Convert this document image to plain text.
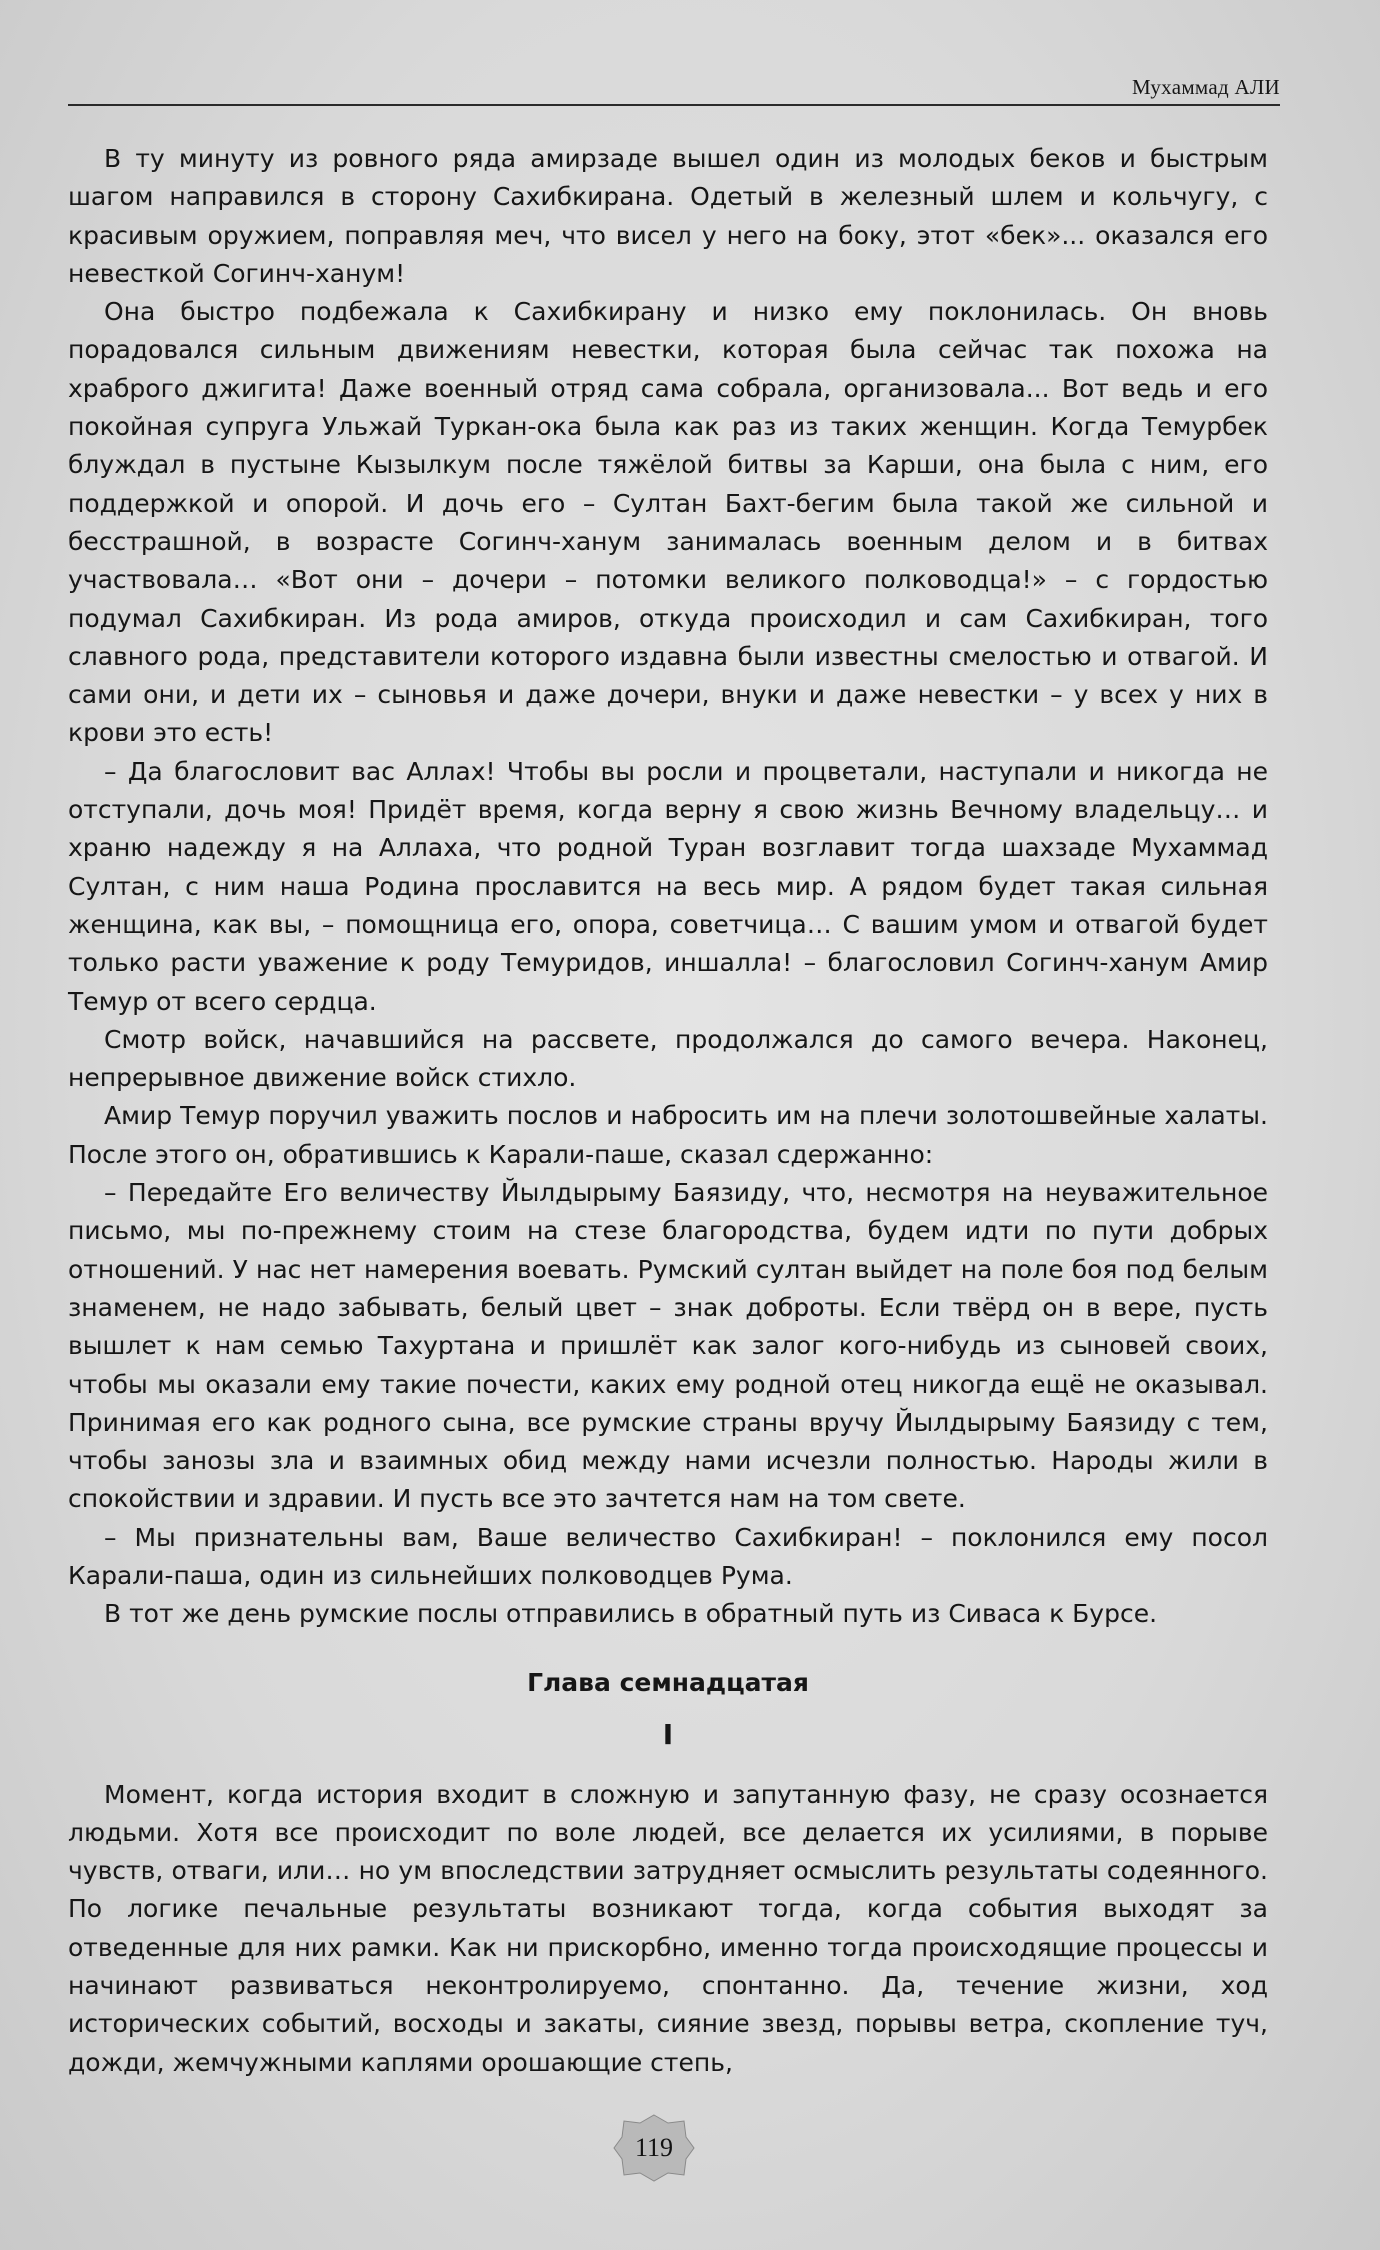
Мухаммад АЛИ

В ту минуту из ровного ряда амирзаде вышел один из молодых беков и быстрым шагом направился в сторону Сахибкирана. Одетый в железный шлем и кольчугу, с красивым оружием, поправляя меч, что висел у него на боку, этот «бек»... оказался его невесткой Согинч-ханум!

Она быстро подбежала к Сахибкирану и низко ему поклонилась. Он вновь порадовался сильным движениям невестки, которая была сейчас так похожа на храброго джигита! Даже военный отряд сама собрала, организовала... Вот ведь и его покойная супруга Ульжай Туркан-ока была как раз из таких женщин. Когда Темурбек блуждал в пустыне Кызылкум после тяжёлой битвы за Карши, она была с ним, его поддержкой и опорой. И дочь его – Султан Бахт-бегим была такой же сильной и бесстрашной, в возрасте Согинч-ханум занималась военным делом и в битвах участвовала… «Вот они – дочери – потомки великого полководца!» – с гордостью подумал Сахибкиран. Из рода амиров, откуда происходил и сам Сахибкиран, того славного рода, представители которого издавна были известны смелостью и отвагой. И сами они, и дети их – сыновья и даже дочери, внуки и даже невестки – у всех у них в крови это есть!

– Да благословит вас Аллах! Чтобы вы росли и процветали, наступали и никогда не отступали, дочь моя! Придёт время, когда верну я свою жизнь Вечному владельцу… и храню надежду я на Аллаха, что родной Туран возглавит тогда шахзаде Мухаммад Султан, с ним наша Родина прославится на весь мир. А рядом будет такая сильная женщина, как вы, – помощница его, опора, советчица… С вашим умом и отвагой будет только расти уважение к роду Темуридов, иншалла! – благословил Согинч-ханум Амир Темур от всего сердца.

Смотр войск, начавшийся на рассвете, продолжался до самого вечера. Наконец, непрерывное движение войск стихло.

Амир Темур поручил уважить послов и набросить им на плечи золотошвейные халаты. После этого он, обратившись к Карали-паше, сказал сдержанно:

– Передайте Его величеству Йылдырыму Баязиду, что, несмотря на неуважительное письмо, мы по-прежнему стоим на стезе благородства, будем идти по пути добрых отношений. У нас нет намерения воевать. Румский султан выйдет на поле боя под белым знаменем, не надо забывать, белый цвет – знак доброты. Если твёрд он в вере, пусть вышлет к нам семью Тахуртана и пришлёт как залог кого-нибудь из сыновей своих, чтобы мы оказали ему такие почести, каких ему родной отец никогда ещё не оказывал. Принимая его как родного сына, все румские страны вручу Йылдырыму Баязиду с тем, чтобы занозы зла и взаимных обид между нами исчезли полностью. Народы жили в спокойствии и здравии. И пусть все это зачтется нам на том свете.

– Мы признательны вам, Ваше величество Сахибкиран! – поклонился ему посол Карали-паша, один из сильнейших полководцев Рума.

В тот же день румские послы отправились в обратный путь из Сиваса к Бурсе.

Глава семнадцатая
I

Момент, когда история входит в сложную и запутанную фазу, не сразу осознается людьми. Хотя все происходит по воле людей, все делается их усилиями, в порыве чувств, отваги, или… но ум впоследствии затрудняет осмыслить результаты содеянного. По логике печальные результаты возникают тогда, когда события выходят за отведенные для них рамки. Как ни прискорбно, именно тогда происходящие процессы и начинают развиваться неконтролируемо, спонтанно. Да, течение жизни, ход исторических событий, восходы и закаты, сияние звезд, порывы ветра, скопление туч, дожди, жемчужными каплями орошающие степь,

119
